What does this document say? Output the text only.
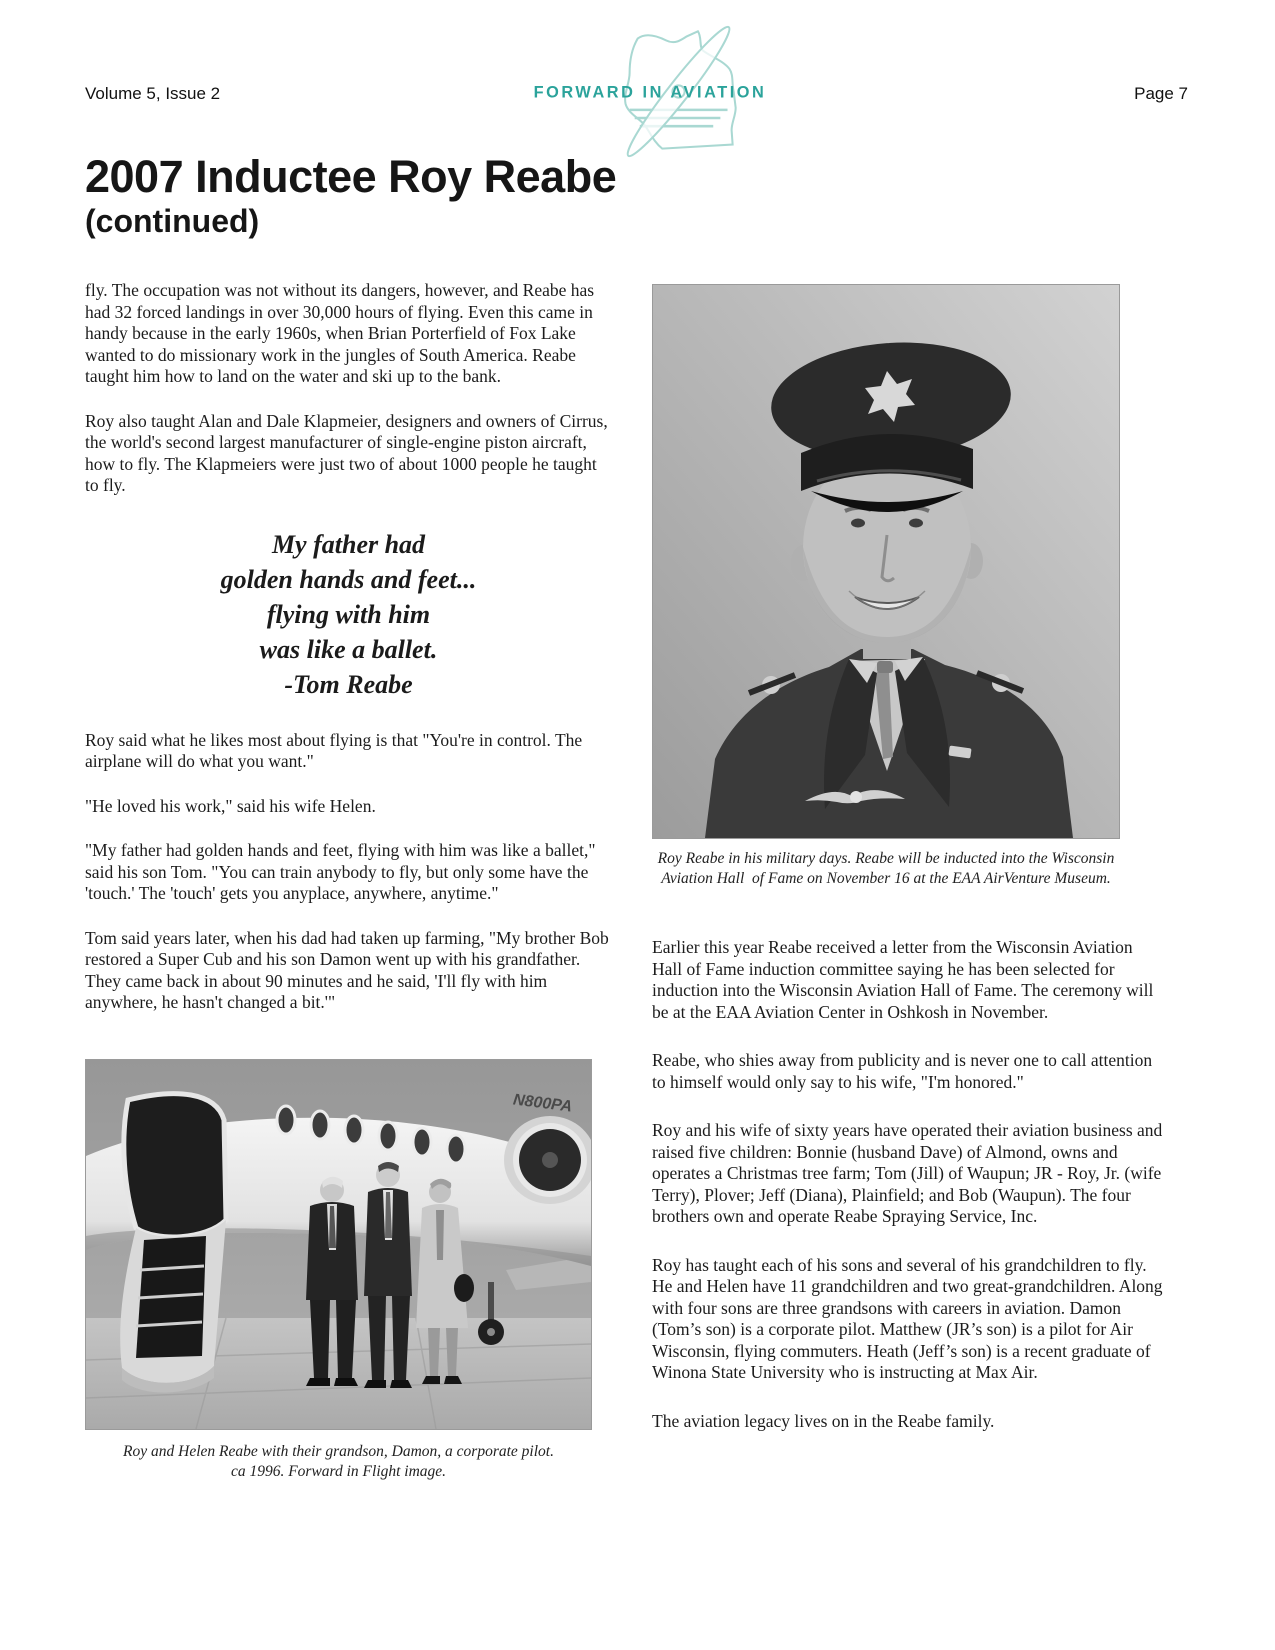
Volume 5, Issue 2	FORWARD IN AVIATION	Page 7
2007 Inductee Roy Reabe
(continued)

fly. The occupation was not without its dangers, however, and Reabe has had 32 forced landings in over 30,000 hours of flying. Even this came in handy because in the early 1960s, when Brian Porterfield of Fox Lake wanted to do missionary work in the jungles of South America. Reabe taught him how to land on the water and ski up to the bank.

Roy also taught Alan and Dale Klapmeier, designers and owners of Cirrus, the world's second largest manufacturer of single-engine piston aircraft, how to fly. The Klapmeiers were just two of about 1000 people he taught to fly.

My father had
golden hands and feet...
flying with him
was like a ballet.
-Tom Reabe

Roy said what he likes most about flying is that "You're in control. The airplane will do what you want."

"He loved his work," said his wife Helen.

"My father had golden hands and feet, flying with him was like a ballet," said his son Tom. "You can train anybody to fly, but only some have the 'touch.' The 'touch' gets you anyplace, anywhere, anytime."

Tom said years later, when his dad had taken up farming, "My brother Bob restored a Super Cub and his son Damon went up with his grandfather. They came back in about 90 minutes and he said, 'I'll fly with him anywhere, he hasn't changed a bit.'"

N800PA
Roy and Helen Reabe with their grandson, Damon, a corporate pilot.
ca 1996. Forward in Flight image.
Roy Reabe in his military days. Reabe will be inducted into the Wisconsin
Aviation Hall  of Fame on November 16 at the EAA AirVenture Museum.

Earlier this year Reabe received a letter from the Wisconsin Aviation Hall of Fame induction committee saying he has been selected for induction into the Wisconsin Aviation Hall of Fame. The ceremony will be at the EAA Aviation Center in Oshkosh in November.

Reabe, who shies away from publicity and is never one to call attention to himself would only say to his wife, "I'm honored."

Roy and his wife of sixty years have operated their aviation business and raised five children: Bonnie (husband Dave) of Almond, owns and operates a Christmas tree farm; Tom (Jill) of Waupun; JR - Roy, Jr. (wife Terry), Plover; Jeff (Diana), Plainfield; and Bob (Waupun). The four brothers own and operate Reabe Spraying Service, Inc.

Roy has taught each of his sons and several of his grandchildren to fly. He and Helen have 11 grandchildren and two great-grandchildren. Along with four sons are three grandsons with careers in aviation. Damon (Tom’s son) is a corporate pilot. Matthew (JR’s son) is a pilot for Air Wisconsin, flying commuters. Heath (Jeff’s son) is a recent graduate of Winona State University who is instructing at Max Air.

The aviation legacy lives on in the Reabe family.
